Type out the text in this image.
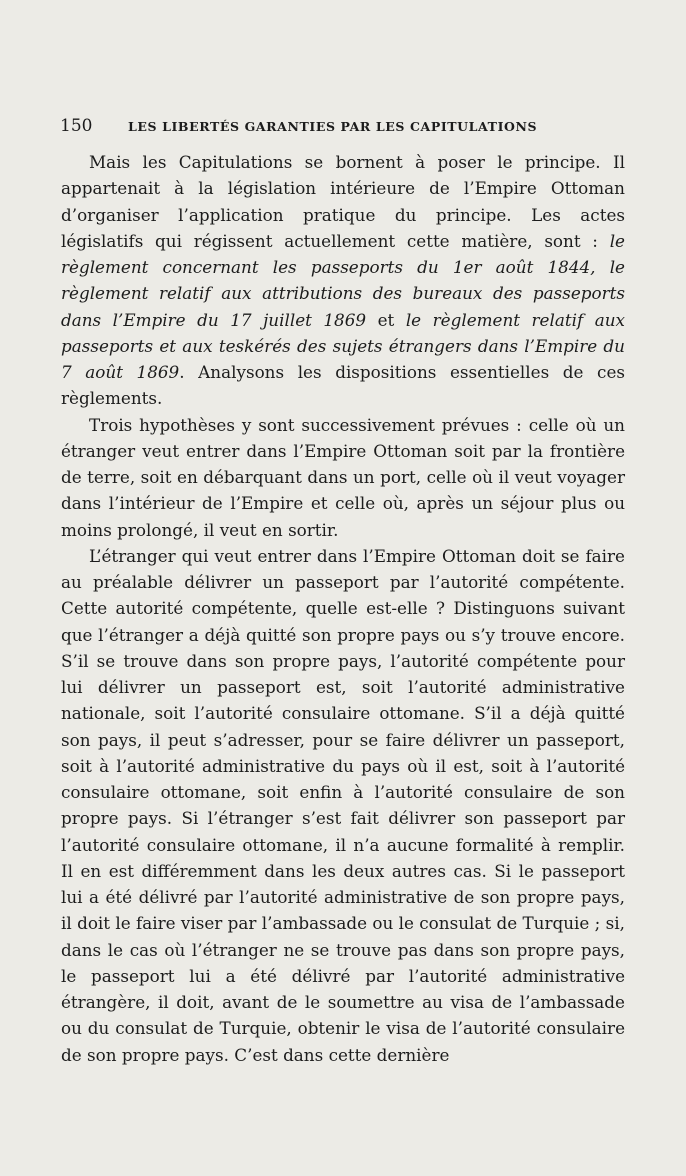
150	LES LIBERTÉS GARANTIES PAR LES CAPITULATIONS

Mais les Capitulations se bornent à poser le principe. Il appartenait à la législation intérieure de l’Empire Ottoman d’organiser l’application pratique du principe. Les actes législatifs qui régissent actuellement cette matière, sont : le règlement concernant les passeports du 1er août 1844, le règlement relatif aux attributions des bureaux des passeports dans l’Empire du 17 juillet 1869 et le règlement relatif aux passeports et aux teskérés des sujets étrangers dans l’Empire du 7 août 1869. Analysons les dispositions essentielles de ces règlements.

Trois hypothèses y sont successivement prévues : celle où un étranger veut entrer dans l’Empire Ottoman soit par la frontière de terre, soit en débarquant dans un port, celle où il veut voyager dans l’intérieur de l’Empire et celle où, après un séjour plus ou moins prolongé, il veut en sortir.

L’étranger qui veut entrer dans l’Empire Ottoman doit se faire au préalable délivrer un passeport par l’autorité compétente. Cette autorité compétente, quelle est-elle ? Distinguons suivant que l’étranger a déjà quitté son propre pays ou s’y trouve encore. S’il se trouve dans son propre pays, l’autorité compétente pour lui délivrer un passeport est, soit l’autorité administrative nationale, soit l’autorité consulaire ottomane. S’il a déjà quitté son pays, il peut s’adresser, pour se faire délivrer un passeport, soit à l’autorité administrative du pays où il est, soit à l’autorité consulaire ottomane, soit enfin à l’autorité consulaire de son propre pays. Si l’étranger s’est fait délivrer son passeport par l’autorité consulaire ottomane, il n’a aucune formalité à remplir. Il en est différemment dans les deux autres cas. Si le passeport lui a été délivré par l’autorité administrative de son propre pays, il doit le faire viser par l’ambassade ou le consulat de Turquie ; si, dans le cas où l’étranger ne se trouve pas dans son propre pays, le passeport lui a été délivré par l’autorité administrative étrangère, il doit, avant de le soumettre au visa de l’ambassade ou du consulat de Turquie, obtenir le visa de l’autorité consulaire de son propre pays. C’est dans cette dernière
